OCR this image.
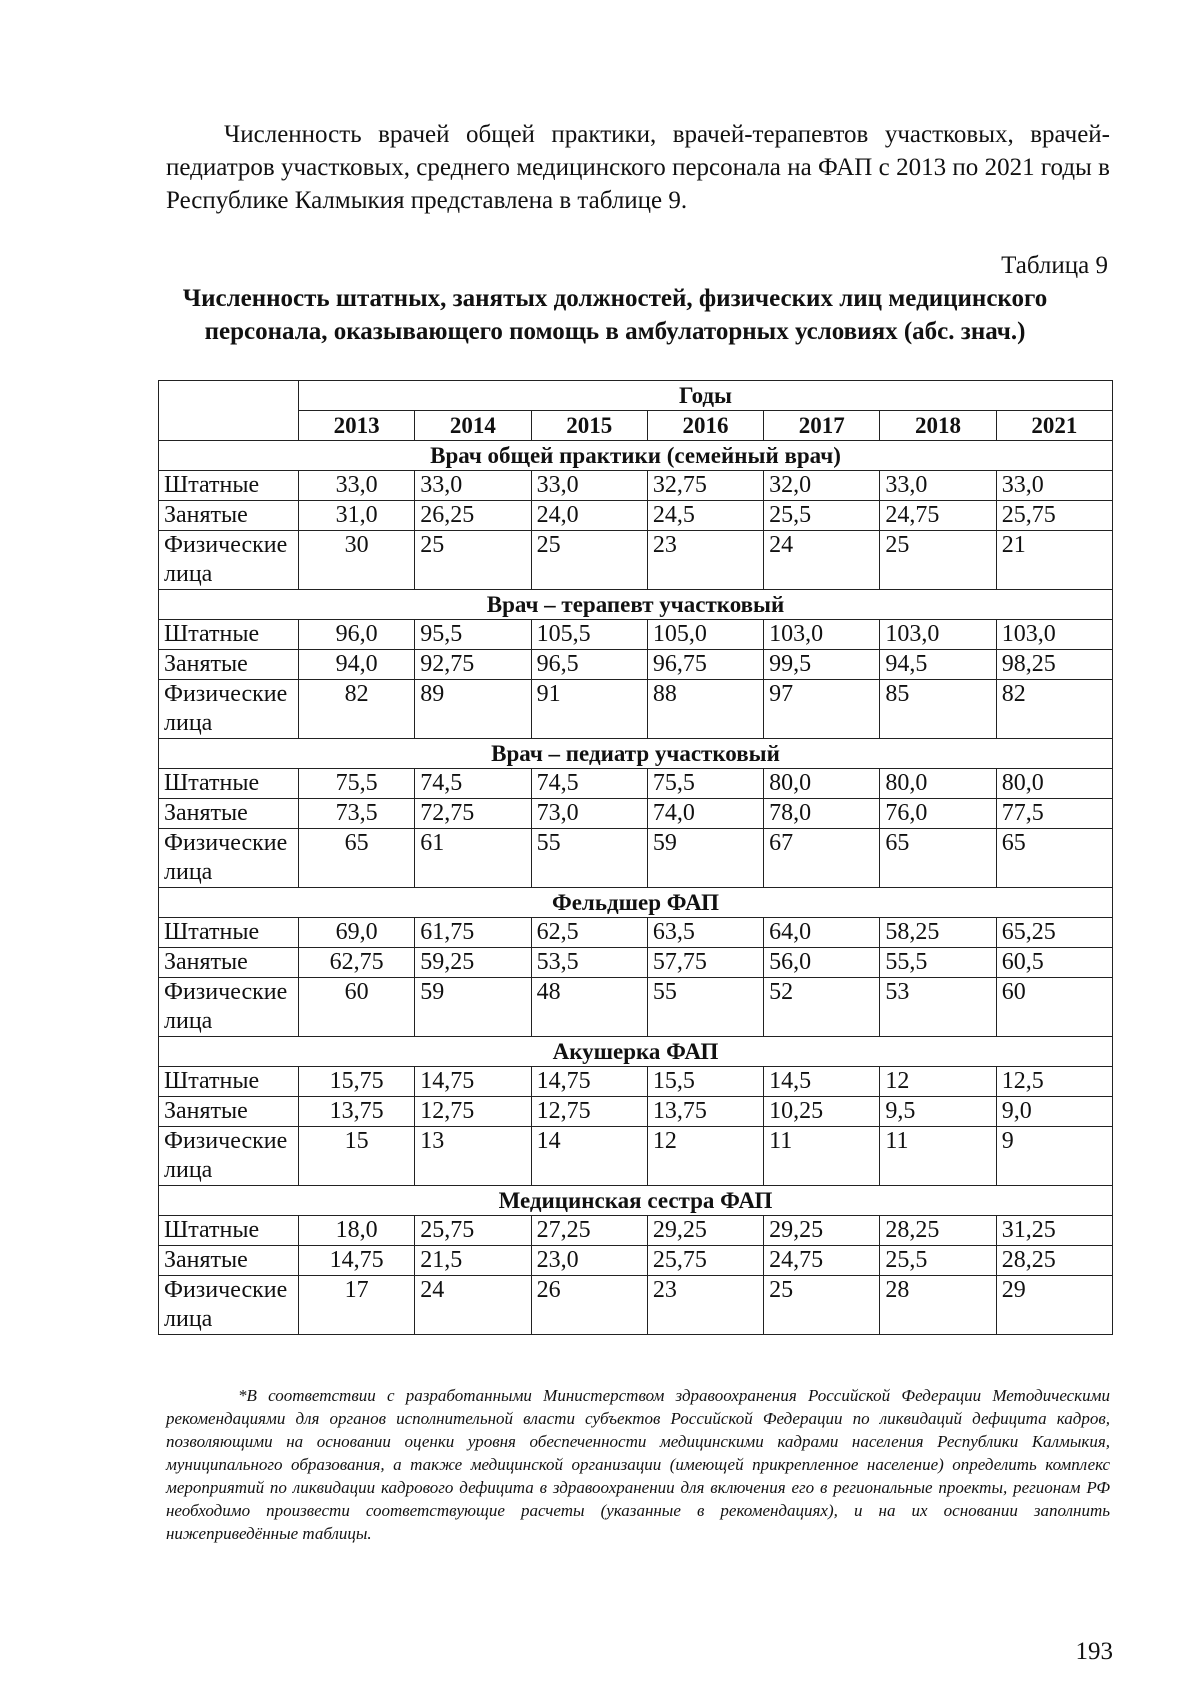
Численность врачей общей практики, врачей-терапевтов участковых, врачей-педиатров участковых, среднего медицинского персонала на ФАП с 2013 по 2021 годы в Республике Калмыкия представлена в таблице 9.

Таблица 9
Численность штатных, занятых должностей, физических лиц медицинского персонала, оказывающего помощь в амбулаторных условиях (абс. знач.)
	Годы						
	2013	2014	2015	2016	2017	2018	2021
Врач общей практики (семейный врач)							
Штатные	33,0	33,0	33,0	32,75	32,0	33,0	33,0
Занятые	31,0	26,25	24,0	24,5	25,5	24,75	25,75
Физические лица	30	25	25	23	24	25	21
Врач – терапевт участковый							
Штатные	96,0	95,5	105,5	105,0	103,0	103,0	103,0
Занятые	94,0	92,75	96,5	96,75	99,5	94,5	98,25
Физические лица	82	89	91	88	97	85	82
Врач – педиатр участковый							
Штатные	75,5	74,5	74,5	75,5	80,0	80,0	80,0
Занятые	73,5	72,75	73,0	74,0	78,0	76,0	77,5
Физические лица	65	61	55	59	67	65	65
Фельдшер ФАП							
Штатные	69,0	61,75	62,5	63,5	64,0	58,25	65,25
Занятые	62,75	59,25	53,5	57,75	56,0	55,5	60,5
Физические лица	60	59	48	55	52	53	60
Акушерка ФАП							
Штатные	15,75	14,75	14,75	15,5	14,5	12	12,5
Занятые	13,75	12,75	12,75	13,75	10,25	9,5	9,0
Физические лица	15	13	14	12	11	11	9
Медицинская сестра ФАП							
Штатные	18,0	25,75	27,25	29,25	29,25	28,25	31,25
Занятые	14,75	21,5	23,0	25,75	24,75	25,5	28,25
Физические лица	17	24	26	23	25	28	29

*В соответствии с разработанными Министерством здравоохранения Российской Федерации Методическими рекомендациями для органов исполнительной власти субъектов Российской Федерации по ликвидаций дефицита кадров, позволяющими на основании оценки уровня обеспеченности медицинскими кадрами населения Республики Калмыкия, муниципального образования, а также медицинской организации (имеющей прикрепленное население) определить комплекс мероприятий по ликвидации кадрового дефицита в здравоохранении для включения его в региональные проекты, регионам РФ необходимо произвести соответствующие расчеты (указанные в рекомендациях), и на их основании заполнить нижеприведённые таблицы.

193
